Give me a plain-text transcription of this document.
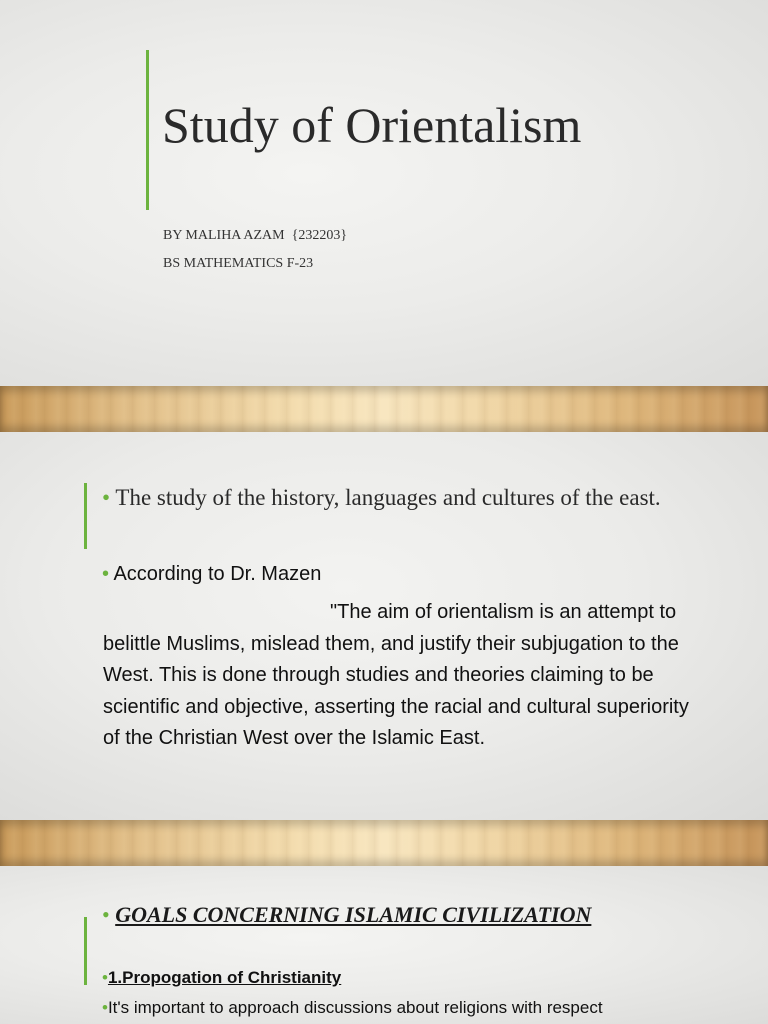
Study of Orientalism
BY MALIHA AZAM  {232203}
BS MATHEMATICS F-23
• The study of the history, languages and cultures of the east.
• According to Dr. Mazen
"The aim of orientalism is an attempt to belittle Muslims, mislead them, and justify their subjugation to the West. This is done through studies and theories claiming to be scientific and objective, asserting the racial and cultural superiority of the Christian West over the Islamic East.
• GOALS CONCERNING ISLAMIC CIVILIZATION
•1.Propogation of Christianity
•It's important to approach discussions about religions with respect
